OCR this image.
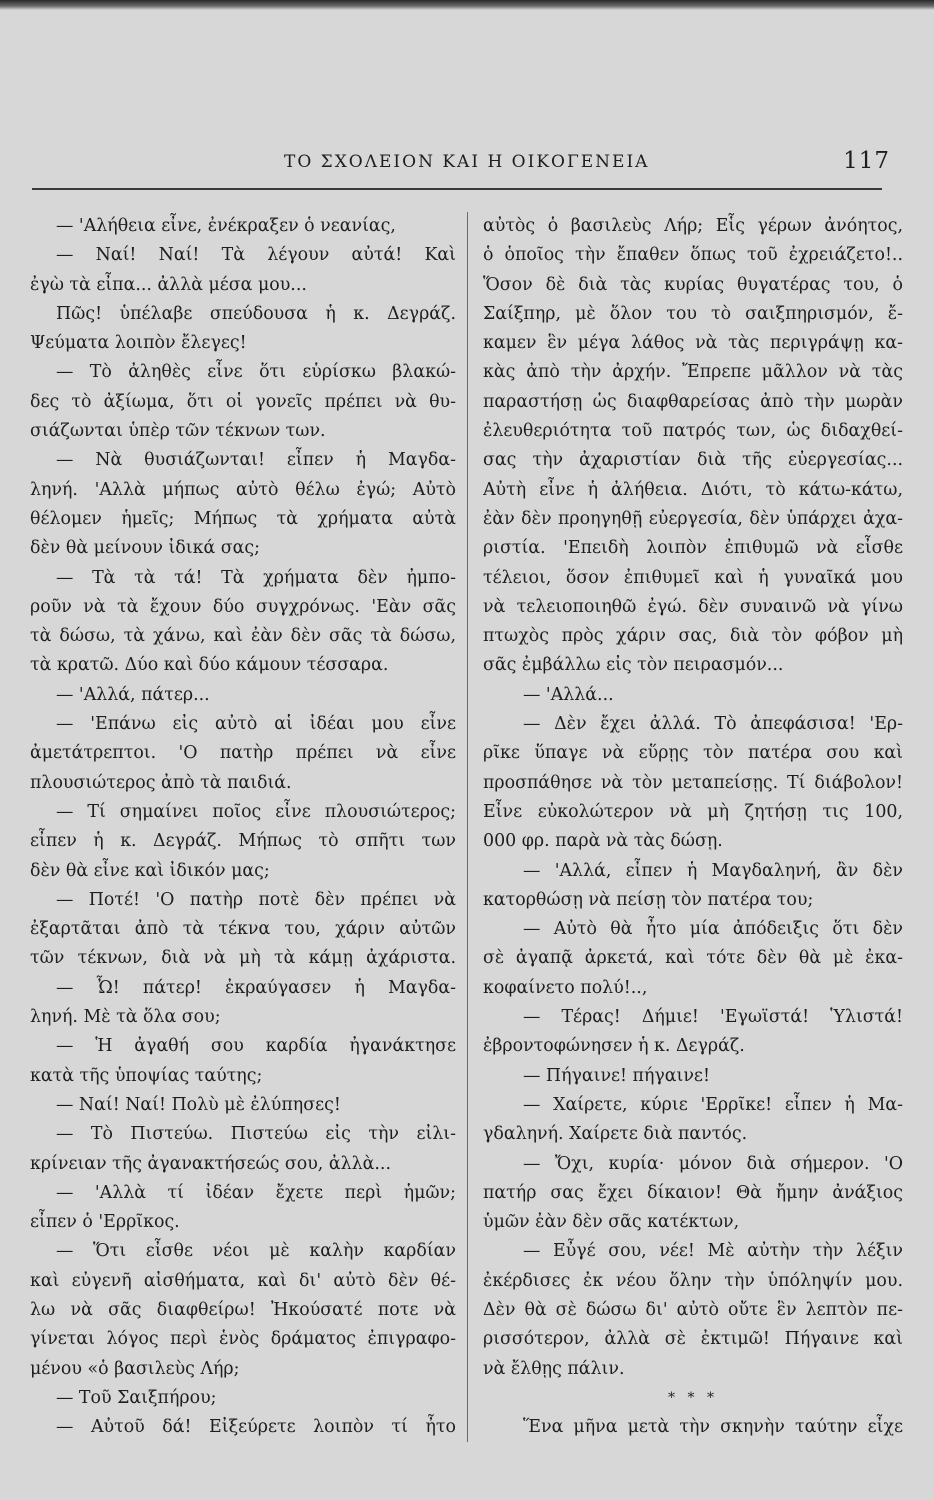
ΤΟ ΣΧΟΛΕΙΟΝ ΚΑΙ Η ΟΙΚΟΓΕΝΕΙΑ	117
— 'Αλήθεια εἶνε, ἐνέκραξεν ὁ νεανίας,
— Ναί! Ναί! Τὰ λέγουν αὐτά! Καὶ
ἐγὼ τὰ εἶπα... ἀλλὰ μέσα μου...
Πῶς! ὑπέλαβε σπεύδουσα ἡ κ. Δεγράζ.
Ψεύματα λοιπὸν ἔλεγες!
— Τὸ ἀληθὲς εἶνε ὅτι εὑρίσκω βλακώ-
δες τὸ ἀξίωμα, ὅτι οἱ γονεῖς πρέπει νὰ θυ-
σιάζωνται ὑπὲρ τῶν τέκνων των.
— Νὰ θυσιάζωνται! εἶπεν ἡ Μαγδα-
ληνή. 'Αλλὰ μήπως αὐτὸ θέλω ἐγώ; Αὐτὸ
θέλομεν ἡμεῖς; Μήπως τὰ χρήματα αὐτὰ
δὲν θὰ μείνουν ἰδικά σας;
— Τὰ τὰ τά! Τὰ χρήματα δὲν ἠμπο-
ροῦν νὰ τὰ ἔχουν δύο συγχρόνως. 'Εὰν σᾶς
τὰ δώσω, τὰ χάνω, καὶ ἐὰν δὲν σᾶς τὰ δώσω,
τὰ κρατῶ. Δύο καὶ δύο κάμουν τέσσαρα.
— 'Αλλά, πάτερ...
— 'Επάνω εἰς αὐτὸ αἱ ἰδέαι μου εἶνε
ἀμετάτρεπτοι. 'Ο πατὴρ πρέπει νὰ εἶνε
πλουσιώτερος ἀπὸ τὰ παιδιά.
— Τί σημαίνει ποῖος εἶνε πλουσιώτερος;
εἶπεν ἡ κ. Δεγράζ. Μήπως τὸ σπῆτι των
δὲν θὰ εἶνε καὶ ἰδικόν μας;
— Ποτέ! 'Ο πατὴρ ποτὲ δὲν πρέπει νὰ
ἐξαρτᾶται ἀπὸ τὰ τέκνα του, χάριν αὐτῶν
τῶν τέκνων, διὰ νὰ μὴ τὰ κάμῃ ἀχάριστα.
— Ὦ! πάτερ! ἐκραύγασεν ἡ Μαγδα-
ληνή. Μὲ τὰ ὅλα σου;
— Ἡ ἀγαθή σου καρδία ἠγανάκτησε
κατὰ τῆς ὑποψίας ταύτης;
— Ναί! Ναί! Πολὺ μὲ ἐλύπησες!
— Τὸ Πιστεύω. Πιστεύω εἰς τὴν εἰλι-
κρίνειαν τῆς ἀγανακτήσεώς σου, ἀλλὰ...
— 'Αλλὰ τί ἰδέαν ἔχετε περὶ ἡμῶν;
εἶπεν ὁ 'Ερρῖκος.
— Ὅτι εἶσθε νέοι μὲ καλὴν καρδίαν
καὶ εὐγενῆ αἰσθήματα, καὶ δι' αὐτὸ δὲν θέ-
λω νὰ σᾶς διαφθείρω! Ἠκούσατέ ποτε νὰ
γίνεται λόγος περὶ ἑνὸς δράματος ἐπιγραφο-
μένου «ὁ βασιλεὺς Λήρ;
— Τοῦ Σαιξπήρου;
— Αὐτοῦ δά! Εἰξεύρετε λοιπὸν τί ἦτο
αὐτὸς ὁ βασιλεὺς Λήρ; Εἷς γέρων ἀνόητος,
ὁ ὁποῖος τὴν ἔπαθεν ὅπως τοῦ ἐχρειάζετο!..
Ὅσον δὲ διὰ τὰς κυρίας θυγατέρας του, ὁ
Σαίξπηρ, μὲ ὅλον του τὸ σαιξπηρισμόν, ἔ-
καμεν ἓν μέγα λάθος νὰ τὰς περιγράψῃ κα-
κὰς ἀπὸ τὴν ἀρχήν. Ἔπρεπε μᾶλλον νὰ τὰς
παραστήσῃ ὡς διαφθαρείσας ἀπὸ τὴν μωρὰν
ἐλευθεριότητα τοῦ πατρός των, ὡς διδαχθεί-
σας τὴν ἀχαριστίαν διὰ τῆς εὐεργεσίας...
Αὐτὴ εἶνε ἡ ἀλήθεια. Διότι, τὸ κάτω-κάτω,
ἐὰν δὲν προηγηθῇ εὐεργεσία, δὲν ὑπάρχει ἀχα-
ριστία. 'Επειδὴ λοιπὸν ἐπιθυμῶ νὰ εἶσθε
τέλειοι, ὅσον ἐπιθυμεῖ καὶ ἡ γυναῖκά μου
νὰ τελειοποιηθῶ ἐγώ. δὲν συναινῶ νὰ γίνω
πτωχὸς πρὸς χάριν σας, διὰ τὸν φόβον μὴ
σᾶς ἐμβάλλω εἰς τὸν πειρασμόν...
— 'Αλλά...
— Δὲν ἔχει ἀλλά. Τὸ ἀπεφάσισα! 'Ερ-
ρῖκε ὕπαγε νὰ εὕρῃς τὸν πατέρα σου καὶ
προσπάθησε νὰ τὸν μεταπείσῃς. Τί διάβολον!
Εἶνε εὐκολώτερον νὰ μὴ ζητήσῃ τις 100,
000 φρ. παρὰ νὰ τὰς δώσῃ.
— 'Αλλά, εἶπεν ἡ Μαγδαληνή, ἂν δὲν
κατορθώσῃ νὰ πείσῃ τὸν πατέρα του;
— Αὐτὸ θὰ ἦτο μία ἀπόδειξις ὅτι δὲν
σὲ ἀγαπᾷ ἀρκετά, καὶ τότε δὲν θὰ μὲ ἐκα-
κοφαίνετο πολύ!..,
— Τέρας! Δήμιε! 'Εγωϊστά! Ὑλιστά!
ἐβροντοφώνησεν ἡ κ. Δεγράζ.
— Πήγαινε! πήγαινε!
— Χαίρετε, κύριε 'Ερρῖκε! εἶπεν ἡ Μα-
γδαληνή. Χαίρετε διὰ παντός.
— Ὄχι, κυρία· μόνον διὰ σήμερον. 'Ο
πατήρ σας ἔχει δίκαιον! Θὰ ἤμην ἀνάξιος
ὑμῶν ἐὰν δὲν σᾶς κατέκτων,
— Εὖγέ σου, νέε! Μὲ αὐτὴν τὴν λέξιν
ἐκέρδισες ἐκ νέου ὅλην τὴν ὑπόληψίν μου.
Δὲν θὰ σὲ δώσω δι' αὐτὸ οὔτε ἓν λεπτὸν πε-
ρισσότερον, ἀλλὰ σὲ ἐκτιμῶ! Πήγαινε καὶ
νὰ ἔλθῃς πάλιν.
* * *
Ἕνα μῆνα μετὰ τὴν σκηνὴν ταύτην εἶχε
